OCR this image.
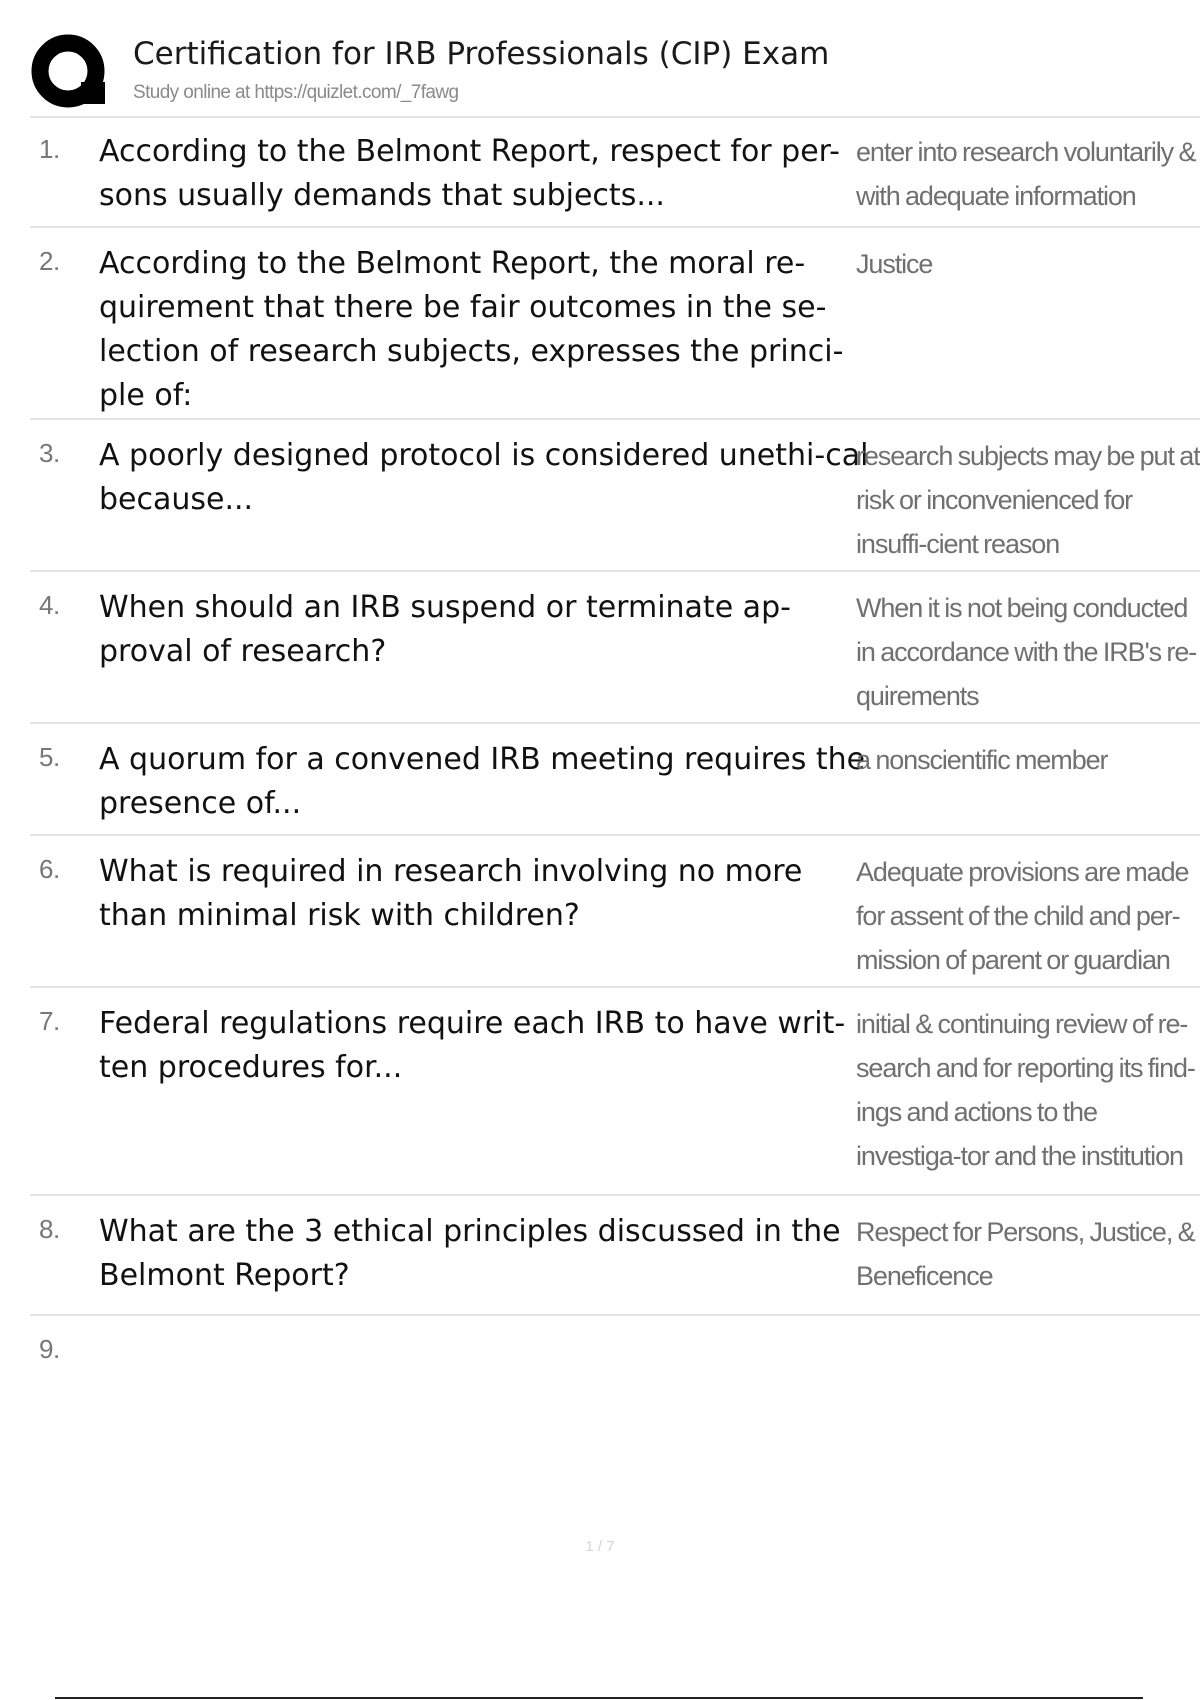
Certification for IRB Professionals (CIP) Exam
Study online at https://quizlet.com/_7fawg
1. According to the Belmont Report, respect for per-sons usually demands that subjects...
enter into research voluntarily & with adequate information
2. According to the Belmont Report, the moral re-quirement that there be fair outcomes in the se-lection of research subjects, expresses the princi-ple of:
Justice
3. A poorly designed protocol is considered unethi-cal because...
research subjects may be put at risk or inconvenienced for insuffi-cient reason
4. When should an IRB suspend or terminate ap-proval of research?
When it is not being conducted in accordance with the IRB's re-quirements
5. A quorum for a convened IRB meeting requires the presence of...
a nonscientific member
6. What is required in research involving no more than minimal risk with children?
Adequate provisions are made for assent of the child and per-mission of parent or guardian
7. Federal regulations require each IRB to have writ-ten procedures for...
initial & continuing review of re-search and for reporting its find-ings and actions to the investiga-tor and the institution
8. What are the 3 ethical principles discussed in the Belmont Report?
Respect for Persons, Justice, & Beneficence
9.
1 / 7
